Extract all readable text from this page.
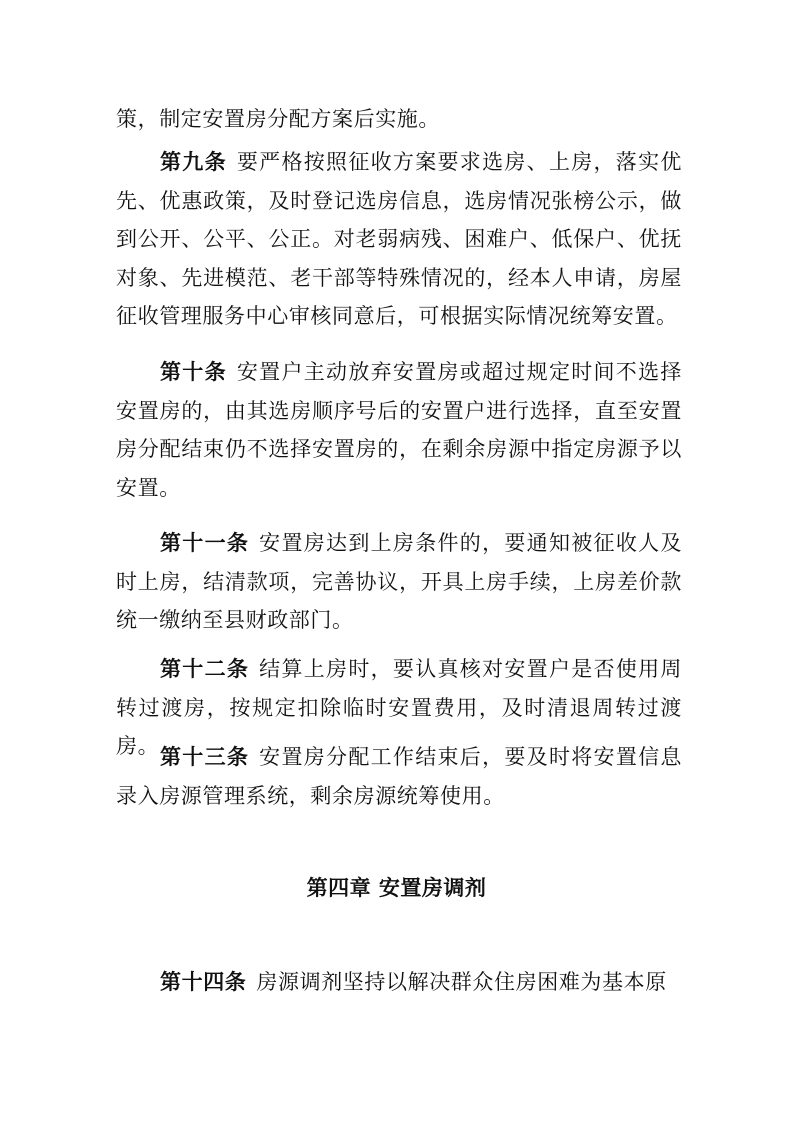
策，制定安置房分配方案后实施。

第九条 要严格按照征收方案要求选房、上房，落实优先、优惠政策，及时登记选房信息，选房情况张榜公示，做到公开、公平、公正。对老弱病残、困难户、低保户、优抚对象、先进模范、老干部等特殊情况的，经本人申请，房屋征收管理服务中心审核同意后，可根据实际情况统筹安置。

第十条 安置户主动放弃安置房或超过规定时间不选择安置房的，由其选房顺序号后的安置户进行选择，直至安置房分配结束仍不选择安置房的，在剩余房源中指定房源予以安置。

第十一条 安置房达到上房条件的，要通知被征收人及时上房，结清款项，完善协议，开具上房手续，上房差价款统一缴纳至县财政部门。

第十二条 结算上房时，要认真核对安置户是否使用周转过渡房，按规定扣除临时安置费用，及时清退周转过渡房。 第十三条 安置房分配工作结束后，要及时将安置信息录入房源管理系统，剩余房源统筹使用。

第四章 安置房调剂

第十四条 房源调剂坚持以解决群众住房困难为基本原
